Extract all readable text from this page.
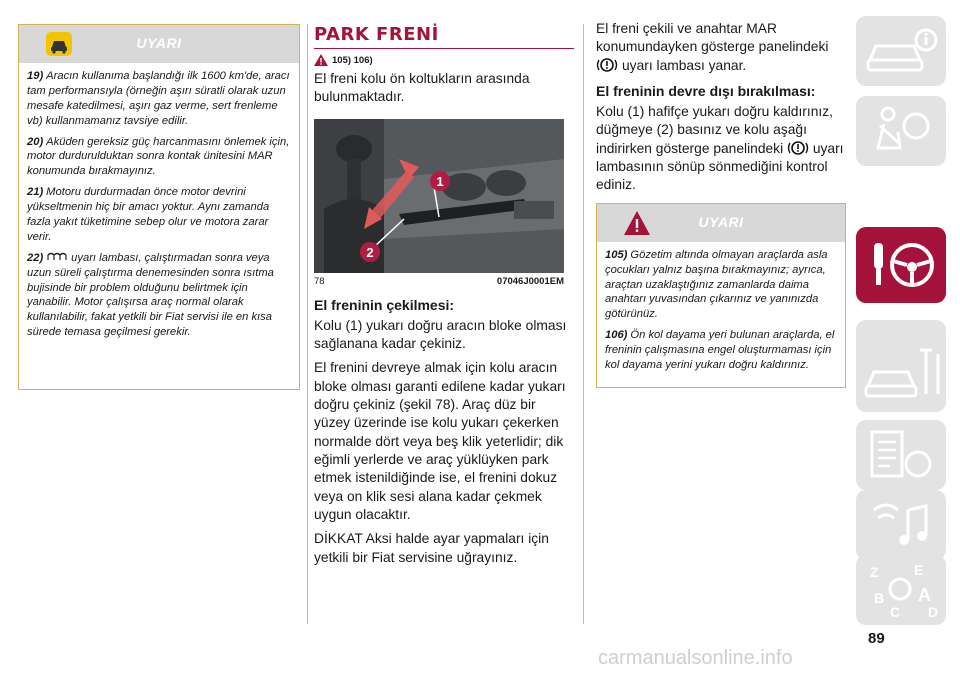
UYARI

19) Aracın kullanıma başlandığı ilk 1600 km'de, aracı tam performansıyla (örneğin aşırı süratli olarak uzun mesafe katedilmesi, aşırı gaz verme, sert frenleme vb) kullanmamanız tavsiye edilir.

20) Aküden gereksiz güç harcanmasını önlemek için, motor durdurulduktan sonra kontak ünitesini MAR konumunda bırakmayınız.

21) Motoru durdurmadan önce motor devrini yükseltmenin hiç bir amacı yoktur. Aynı zamanda fazla yakıt tüketimine sebep olur ve motora zarar verir.

22)	uyarı lambası, çalıştırmadan sonra veya uzun süreli çalıştırma denemesinden sonra ısıtma bujisinde bir problem olduğunu belirtmek için yanabilir. Motor çalışırsa araç normal olarak kullanılabilir, fakat yetkili bir Fiat servisi ile en kısa sürede temasa geçilmesi gerekir.

PARK FRENİ
105) 106)

El freni kolu ön koltukların arasında bulunmaktadır.

1
2
78	07046J0001EM
El freninin çekilmesi:

Kolu (1) yukarı doğru aracın bloke olması sağlanana kadar çekiniz.

El frenini devreye almak için kolu aracın bloke olması garanti edilene kadar yukarı doğru çekiniz (şekil 78). Araç düz bir yüzey üzerinde ise kolu yukarı çekerken normalde dört veya beş klik yeterlidir; dik eğimli yerlerde ve araç yüklüyken park etmek istenildiğinde ise, el frenini dokuz veya on klik sesi alana kadar çekmek uygun olacaktır.

DİKKAT Aksi halde ayar yapmaları için yetkili bir Fiat servisine uğrayınız.

El freni çekili ve anahtar MAR konumundayken gösterge panelindeki
uyarı lambası yanar.

El freninin devre dışı bırakılması:

Kolu (1) hafifçe yukarı doğru kaldırınız, düğmeye (2) basınız ve kolu aşağı indirirken gösterge panelindeki uyarı lambasının sönüp sönmediğini kontrol ediniz.

UYARI

105) Gözetim altında olmayan araçlarda asla çocukları yalnız başına bırakmayınız; ayrıca, araçtan uzaklaştığınız zamanlarda daima anahtarı yuvasından çıkarınız ve yanınızda götürünüz.

106) Ön kol dayama yeri bulunan araçlarda, el freninin çalışmasına engel oluşturmaması için kol dayama yerini yukarı doğru kaldırınız.

Z	E
B A
C D
89
carmanualsonline.info
